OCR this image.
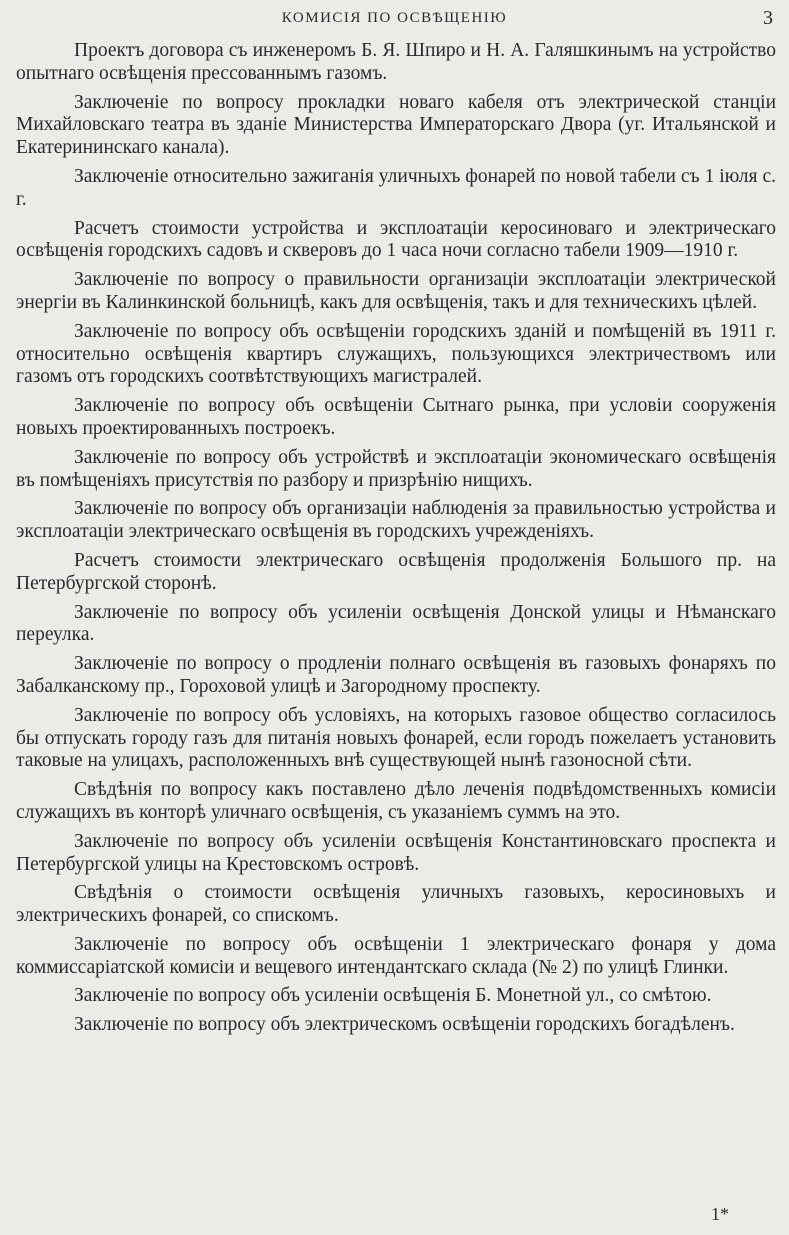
КОМИСІЯ ПО ОСВѢЩЕНІЮ	3

Проектъ договора съ инженеромъ Б. Я. Шпиро и Н. А. Галяшкинымъ на устройство опытнаго освѣщенія прессованнымъ газомъ.

Заключеніе по вопросу прокладки новаго кабеля отъ электрической станціи Михайловскаго театра въ зданіе Министерства Императорскаго Двора (уг. Итальянской и Екатерининскаго канала).

Заключеніе относительно зажиганія уличныхъ фонарей по новой табели съ 1 іюля с. г.

Расчетъ стоимости устройства и эксплоатаціи керосиноваго и электрическаго освѣщенія городскихъ садовъ и скверовъ до 1 часа ночи согласно табели 1909—1910 г.

Заключеніе по вопросу о правильности организаціи эксплоатаціи электрической энергіи въ Калинкинской больницѣ, какъ для освѣщенія, такъ и для техническихъ цѣлей.

Заключеніе по вопросу объ освѣщеніи городскихъ зданій и помѣщеній въ 1911 г. относительно освѣщенія квартиръ служащихъ, пользующихся электричествомъ или газомъ отъ городскихъ соотвѣтствующихъ магистралей.

Заключеніе по вопросу объ освѣщеніи Сытнаго рынка, при условіи сооруженія новыхъ проектированныхъ построекъ.

Заключеніе по вопросу объ устройствѣ и эксплоатаціи экономическаго освѣщенія въ помѣщеніяхъ присутствія по разбору и призрѣнію нищихъ.

Заключеніе по вопросу объ организаціи наблюденія за правильностью устройства и эксплоатаціи электрическаго освѣщенія въ городскихъ учрежденіяхъ.

Расчетъ стоимости электрическаго освѣщенія продолженія Большого пр. на Петербургской сторонѣ.

Заключеніе по вопросу объ усиленіи освѣщенія Донской улицы и Нѣманскаго переулка.

Заключеніе по вопросу о продленіи полнаго освѣщенія въ газовыхъ фонаряхъ по Забалканскому пр., Гороховой улицѣ и Загородному проспекту.

Заключеніе по вопросу объ условіяхъ, на которыхъ газовое общество согласилось бы отпускать городу газъ для питанія новыхъ фонарей, если городъ пожелаетъ установить таковые на улицахъ, расположенныхъ внѣ существующей нынѣ газоносной сѣти.

Свѣдѣнія по вопросу какъ поставлено дѣло леченія подвѣдомственныхъ комисіи служащихъ въ конторѣ уличнаго освѣщенія, съ указаніемъ суммъ на это.

Заключеніе по вопросу объ усиленіи освѣщенія Константиновскаго проспекта и Петербургской улицы на Крестовскомъ островѣ.

Свѣдѣнія о стоимости освѣщенія уличныхъ газовыхъ, керосиновыхъ и электрическихъ фонарей, со спискомъ.

Заключеніе по вопросу объ освѣщеніи 1 электрическаго фонаря у дома коммиссаріатской комисіи и вещевого интендантскаго склада (№ 2) по улицѣ Глинки.

Заключеніе по вопросу объ усиленіи освѣщенія Б. Монетной ул., со смѣтою.

Заключеніе по вопросу объ электрическомъ освѣщеніи городскихъ богадѣленъ.

1*
